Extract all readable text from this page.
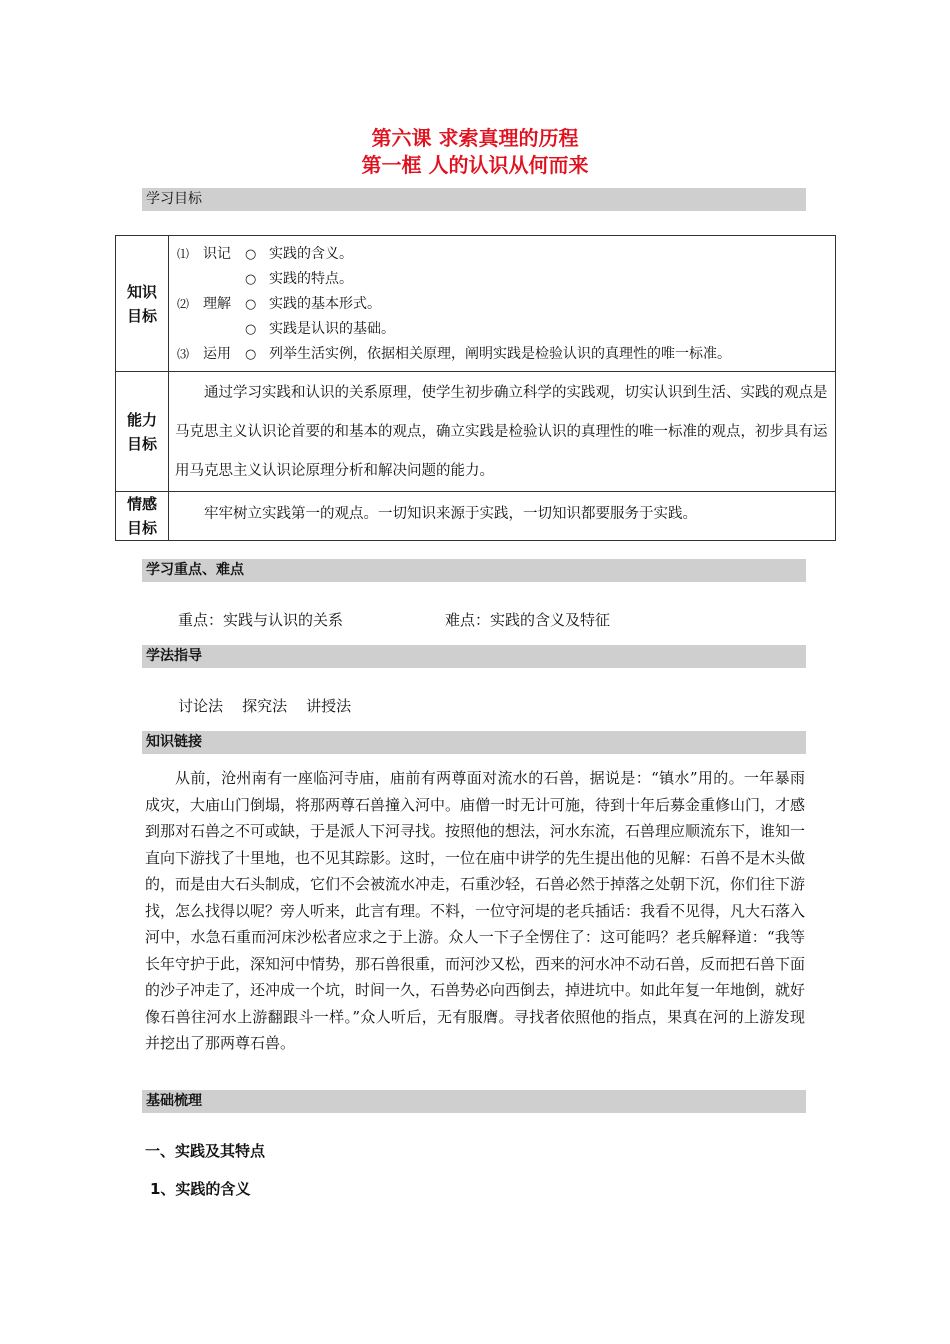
第六课 求索真理的历程
第一框 人的认识从何而来
学习目标
知识目标	⑴ 识记 ○ 实践的含义。
○ 实践的特点。
⑵ 理解 ○ 实践的基本形式。
○ 实践是认识的基础。
⑶ 运用 ○ 列举生活实例，依据相关原理，阐明实践是检验认识的真理性的唯一标准。

能力目标	通过学习实践和认识的关系原理，使学生初步确立科学的实践观，切实认识到生活、实践的观点是马克思主义认识论首要的和基本的观点，确立实践是检验认识的真理性的唯一标准的观点，初步具有运用马克思主义认识论原理分析和解决问题的能力。

情感目标	牢牢树立实践第一的观点。一切知识来源于实践，一切知识都要服务于实践。
学习重点、难点
重点：实践与认识的关系	难点：实践的含义及特征
学法指导
讨论法    探究法    讲授法
知识链接

从前，沧州南有一座临河寺庙，庙前有两尊面对流水的石兽，据说是：“镇水”用的。一年暴雨成灾，大庙山门倒塌，将那两尊石兽撞入河中。庙僧一时无计可施，待到十年后募金重修山门，才感到那对石兽之不可或缺，于是派人下河寻找。按照他的想法，河水东流，石兽理应顺流东下，谁知一直向下游找了十里地，也不见其踪影。这时，一位在庙中讲学的先生提出他的见解：石兽不是木头做的，而是由大石头制成，它们不会被流水冲走，石重沙轻，石兽必然于掉落之处朝下沉，你们往下游找，怎么找得以呢？旁人听来，此言有理。不料，一位守河堤的老兵插话：我看不见得，凡大石落入河中，水急石重而河床沙松者应求之于上游。众人一下子全愣住了：这可能吗？老兵解释道：“我等长年守护于此，深知河中情势，那石兽很重，而河沙又松，西来的河水冲不动石兽，反而把石兽下面的沙子冲走了，还冲成一个坑，时间一久，石兽势必向西倒去，掉进坑中。如此年复一年地倒，就好像石兽往河水上游翻跟斗一样。”众人听后，无有服膺。寻找者依照他的指点，果真在河的上游发现并挖出了那两尊石兽。

基础梳理
一、实践及其特点
1、实践的含义
